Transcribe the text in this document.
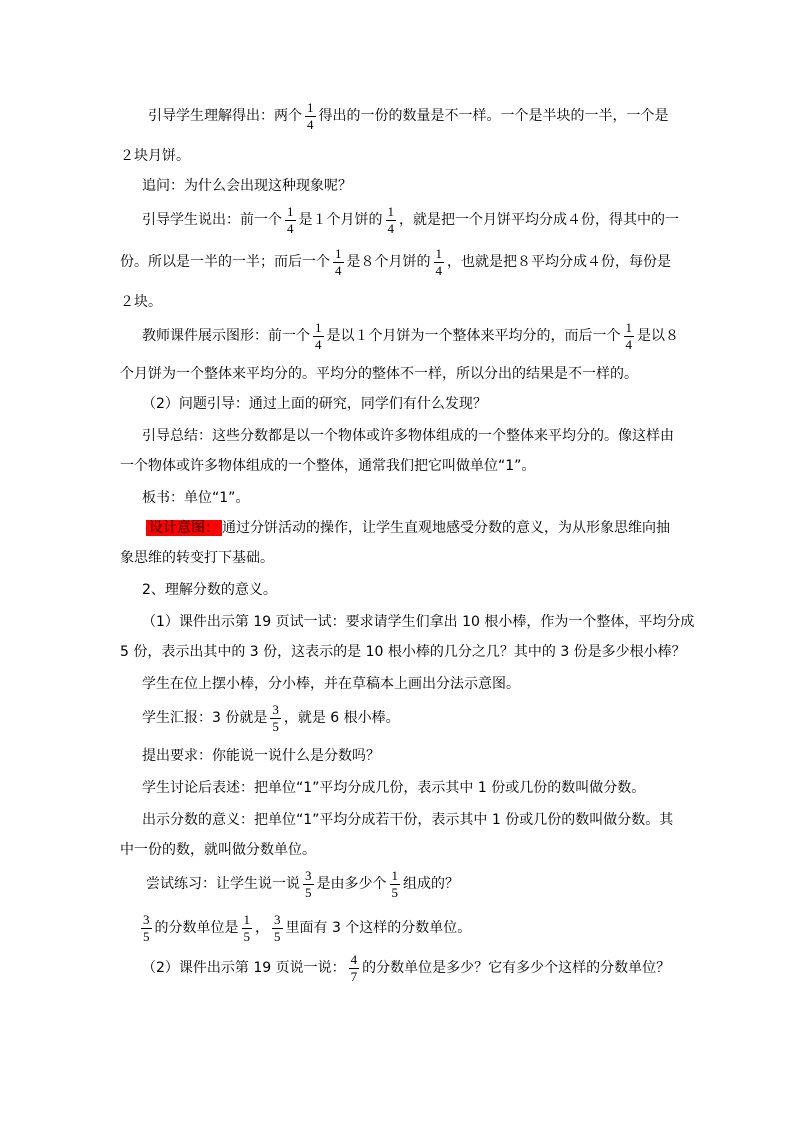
引导学生理解得出：两个 $\frac{1}{4}$ 得出的一份的数量是不一样。一个是半块的一半，一个是
２块月饼。
追问：为什么会出现这种现象呢？
引导学生说出：前一个 $\frac{1}{4}$ 是１个月饼的 $\frac{1}{4}$ ，就是把一个月饼平均分成４份，得其中的一
份。所以是一半的一半；而后一个 $\frac{1}{4}$ 是８个月饼的 $\frac{1}{4}$ ，也就是把８平均分成４份，每份是
２块。
教师课件展示图形：前一个 $\frac{1}{4}$ 是以１个月饼为一个整体来平均分的，而后一个 $\frac{1}{4}$ 是以８
个月饼为一个整体来平均分的。平均分的整体不一样，所以分出的结果是不一样的。
（2）问题引导：通过上面的研究，同学们有什么发现？
引导总结：这些分数都是以一个物体或许多物体组成的一个整体来平均分的。像这样由
一个物体或许多物体组成的一个整体，通常我们把它叫做单位“1”。
板书：单位“1”。
设计意图： 通过分饼活动的操作，让学生直观地感受分数的意义，为从形象思维向抽
象思维的转变打下基础。
2、理解分数的意义。
（1）课件出示第 19 页试一试：要求请学生们拿出 10 根小棒，作为一个整体，平均分成
5 份，表示出其中的 3 份，这表示的是 10 根小棒的几分之几？其中的 3 份是多少根小棒？
学生在位上摆小棒，分小棒，并在草稿本上画出分法示意图。
学生汇报：3 份就是 $\frac{3}{5}$ ，就是 6 根小棒。
提出要求：你能说一说什么是分数吗？
学生讨论后表述：把单位“1”平均分成几份，表示其中 1 份或几份的数叫做分数。
出示分数的意义：把单位“1”平均分成若干份，表示其中 1 份或几份的数叫做分数。其
中一份的数，就叫做分数单位。
尝试练习：让学生说一说 $\frac{3}{5}$ 是由多少个 $\frac{1}{5}$ 组成的？
$\frac{3}{5}$ 的分数单位是 $\frac{1}{5}$ ， $\frac{3}{5}$ 里面有 3 个这样的分数单位。
（2）课件出示第 19 页说一说： $\frac{4}{7}$ 的分数单位是多少？它有多少个这样的分数单位？
